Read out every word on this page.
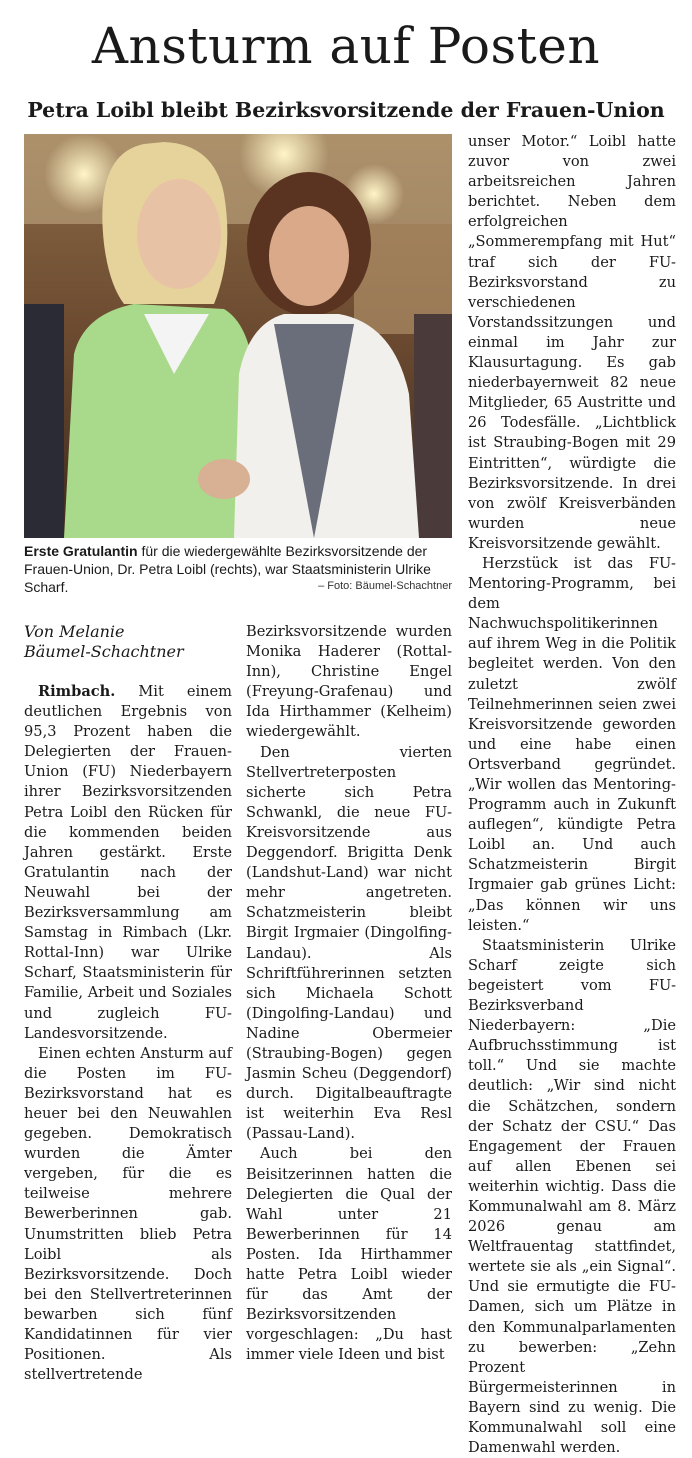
Ansturm auf Posten
Petra Loibl bleibt Bezirksvorsitzende der Frauen-Union
Erste Gratulantin für die wiedergewählte Bezirksvorsitzende der Frauen-Union, Dr. Petra Loibl (rechts), war Staatsministerin Ulrike Scharf.	– Foto: Bäumel-Schachtner
Von Melanie
Bäumel-Schachtner

Rimbach. Mit einem deutlichen Ergebnis von 95,3 Prozent haben die Delegierten der Frauen-Union (FU) Niederbayern ihrer Bezirksvorsitzenden Petra Loibl den Rücken für die kommenden beiden Jahren gestärkt. Erste Gratulantin nach der Neuwahl bei der Bezirksversammlung am Samstag in Rimbach (Lkr. Rottal-Inn) war Ulrike Scharf, Staatsministerin für Familie, Arbeit und Soziales und zugleich FU-Landesvorsitzende.

Einen echten Ansturm auf die Posten im FU-Bezirksvorstand hat es heuer bei den Neuwahlen gegeben. Demokratisch wurden die Ämter vergeben, für die es teilweise mehrere Bewerberinnen gab. Unumstritten blieb Petra Loibl als Bezirksvorsitzende. Doch bei den Stellvertreterinnen bewarben sich fünf Kandidatinnen für vier Positionen. Als stellvertretende

Bezirksvorsitzende wurden Monika Haderer (Rottal-Inn), Christine Engel (Freyung-Grafenau) und Ida Hirthammer (Kelheim) wiedergewählt.

Den vierten Stellvertreterposten sicherte sich Petra Schwankl, die neue FU-Kreisvorsitzende aus Deggendorf. Brigitta Denk (Landshut-Land) war nicht mehr angetreten. Schatzmeisterin bleibt Birgit Irgmaier (Dingolfing-Landau). Als Schriftführerinnen setzten sich Michaela Schott (Dingolfing-Landau) und Nadine Obermeier (Straubing-Bogen) gegen Jasmin Scheu (Deggendorf) durch. Digitalbeauftragte ist weiterhin Eva Resl (Passau-Land).

Auch bei den Beisitzerinnen hatten die Delegierten die Qual der Wahl unter 21 Bewerberinnen für 14 Posten. Ida Hirthammer hatte Petra Loibl wieder für das Amt der Bezirksvorsitzenden vorgeschlagen: „Du hast immer viele Ideen und bist

unser Motor.“ Loibl hatte zuvor von zwei arbeitsreichen Jahren berichtet. Neben dem erfolgreichen „Sommerempfang mit Hut“ traf sich der FU-Bezirksvorstand zu verschiedenen Vorstandssitzungen und einmal im Jahr zur Klausurtagung. Es gab niederbayernweit 82 neue Mitglieder, 65 Austritte und 26 Todesfälle. „Lichtblick ist Straubing-Bogen mit 29 Eintritten“, würdigte die Bezirksvorsitzende. In drei von zwölf Kreisverbänden wurden neue Kreisvorsitzende gewählt.

Herzstück ist das FU-Mentoring-Programm, bei dem Nachwuchspolitikerinnen auf ihrem Weg in die Politik begleitet werden. Von den zuletzt zwölf Teilnehmerinnen seien zwei Kreisvorsitzende geworden und eine habe einen Ortsverband gegründet. „Wir wollen das Mentoring-Programm auch in Zukunft auflegen“, kündigte Petra Loibl an. Und auch Schatzmeisterin Birgit Irgmaier gab grünes Licht: „Das können wir uns leisten.“

Staatsministerin Ulrike Scharf zeigte sich begeistert vom FU-Bezirksverband Niederbayern: „Die Aufbruchsstimmung ist toll.“ Und sie machte deutlich: „Wir sind nicht die Schätzchen, sondern der Schatz der CSU.“ Das Engagement der Frauen auf allen Ebenen sei weiterhin wichtig. Dass die Kommunalwahl am 8. März 2026 genau am Weltfrauentag stattfindet, wertete sie als „ein Signal“. Und sie ermutigte die FU-Damen, sich um Plätze in den Kommunalparlamenten zu bewerben: „Zehn Prozent Bürgermeisterinnen in Bayern sind zu wenig. Die Kommunalwahl soll eine Damenwahl werden.
